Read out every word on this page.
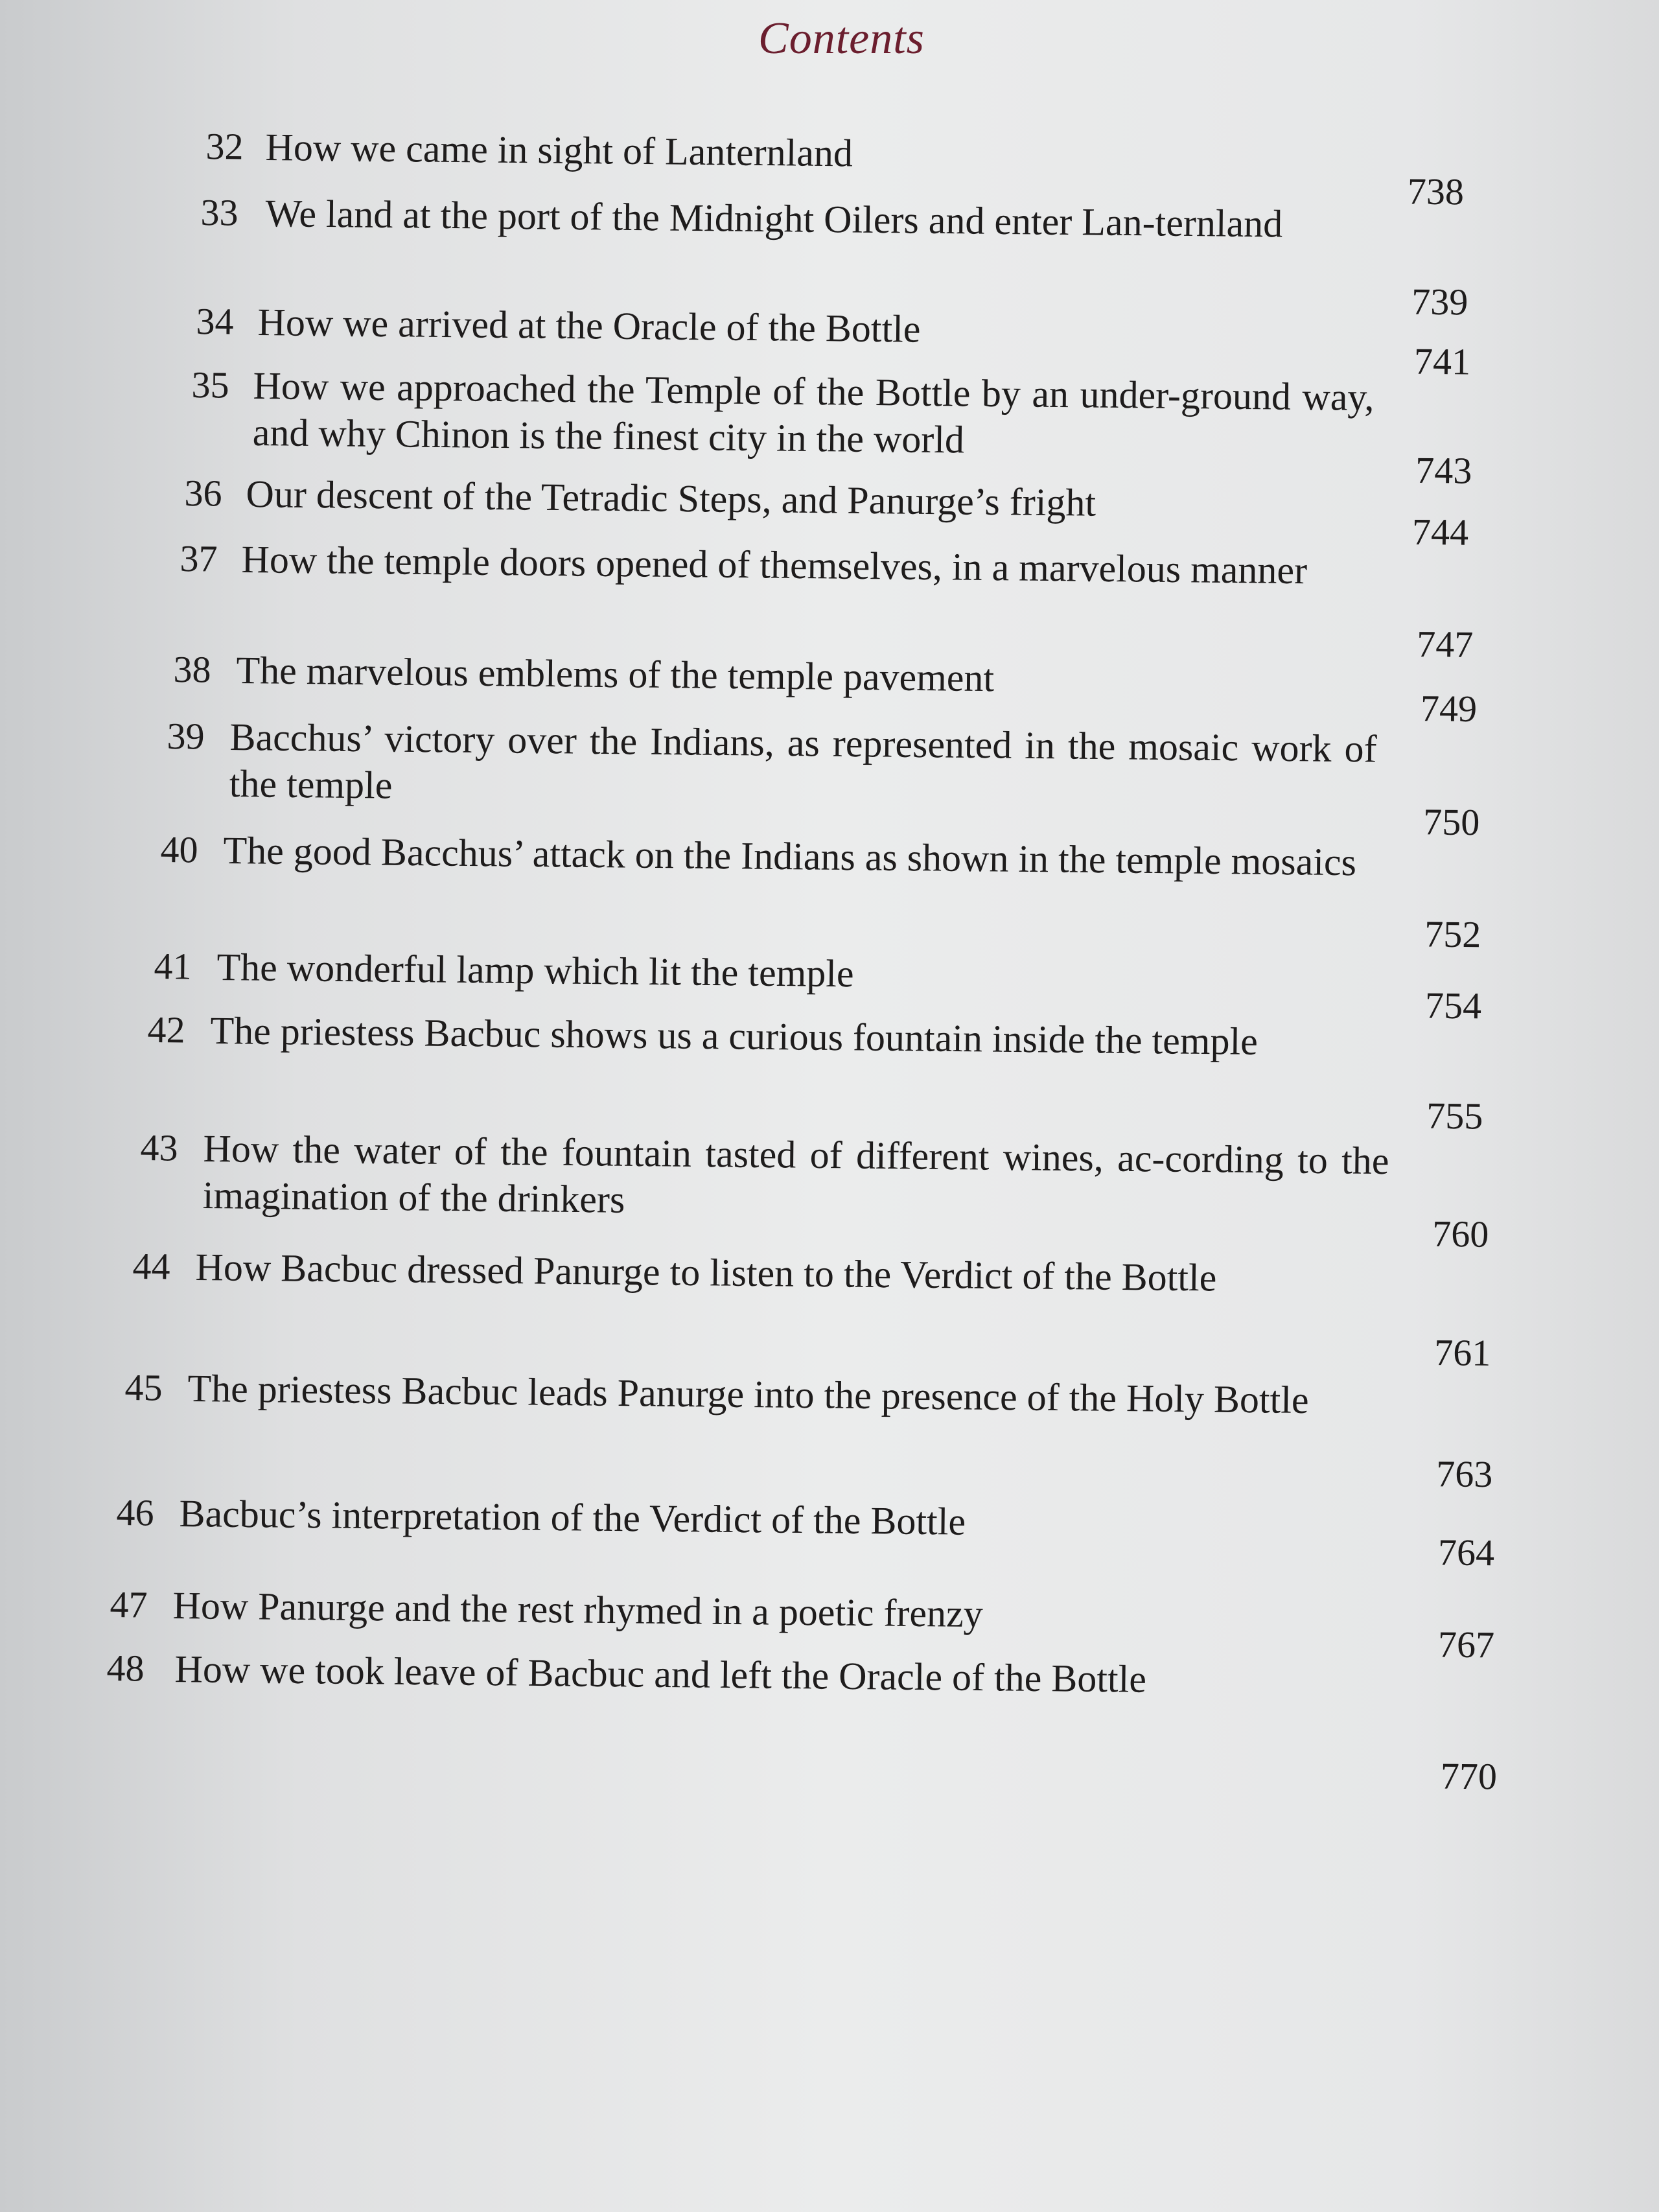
Contents
32 How we came in sight of Lanternland
738
33 We land at the port of the Midnight Oilers and enter Lan-ternland
739
34 How we arrived at the Oracle of the Bottle
741
35 How we approached the Temple of the Bottle by an under-ground way, and why Chinon is the finest city in the world
743
36 Our descent of the Tetradic Steps, and Panurge’s fright
744
37 How the temple doors opened of themselves, in a marvelous manner
747
38 The marvelous emblems of the temple pavement
749
39 Bacchus’ victory over the Indians, as represented in the mosaic work of the temple
750
40 The good Bacchus’ attack on the Indians as shown in the temple mosaics
752
41 The wonderful lamp which lit the temple
754
42 The priestess Bacbuc shows us a curious fountain inside the temple
755
43 How the water of the fountain tasted of different wines, ac-cording to the imagination of the drinkers
760
44 How Bacbuc dressed Panurge to listen to the Verdict of the Bottle
761
45 The priestess Bacbuc leads Panurge into the presence of the Holy Bottle
763
46 Bacbuc’s interpretation of the Verdict of the Bottle
764
47 How Panurge and the rest rhymed in a poetic frenzy
767
48 How we took leave of Bacbuc and left the Oracle of the Bottle
770
